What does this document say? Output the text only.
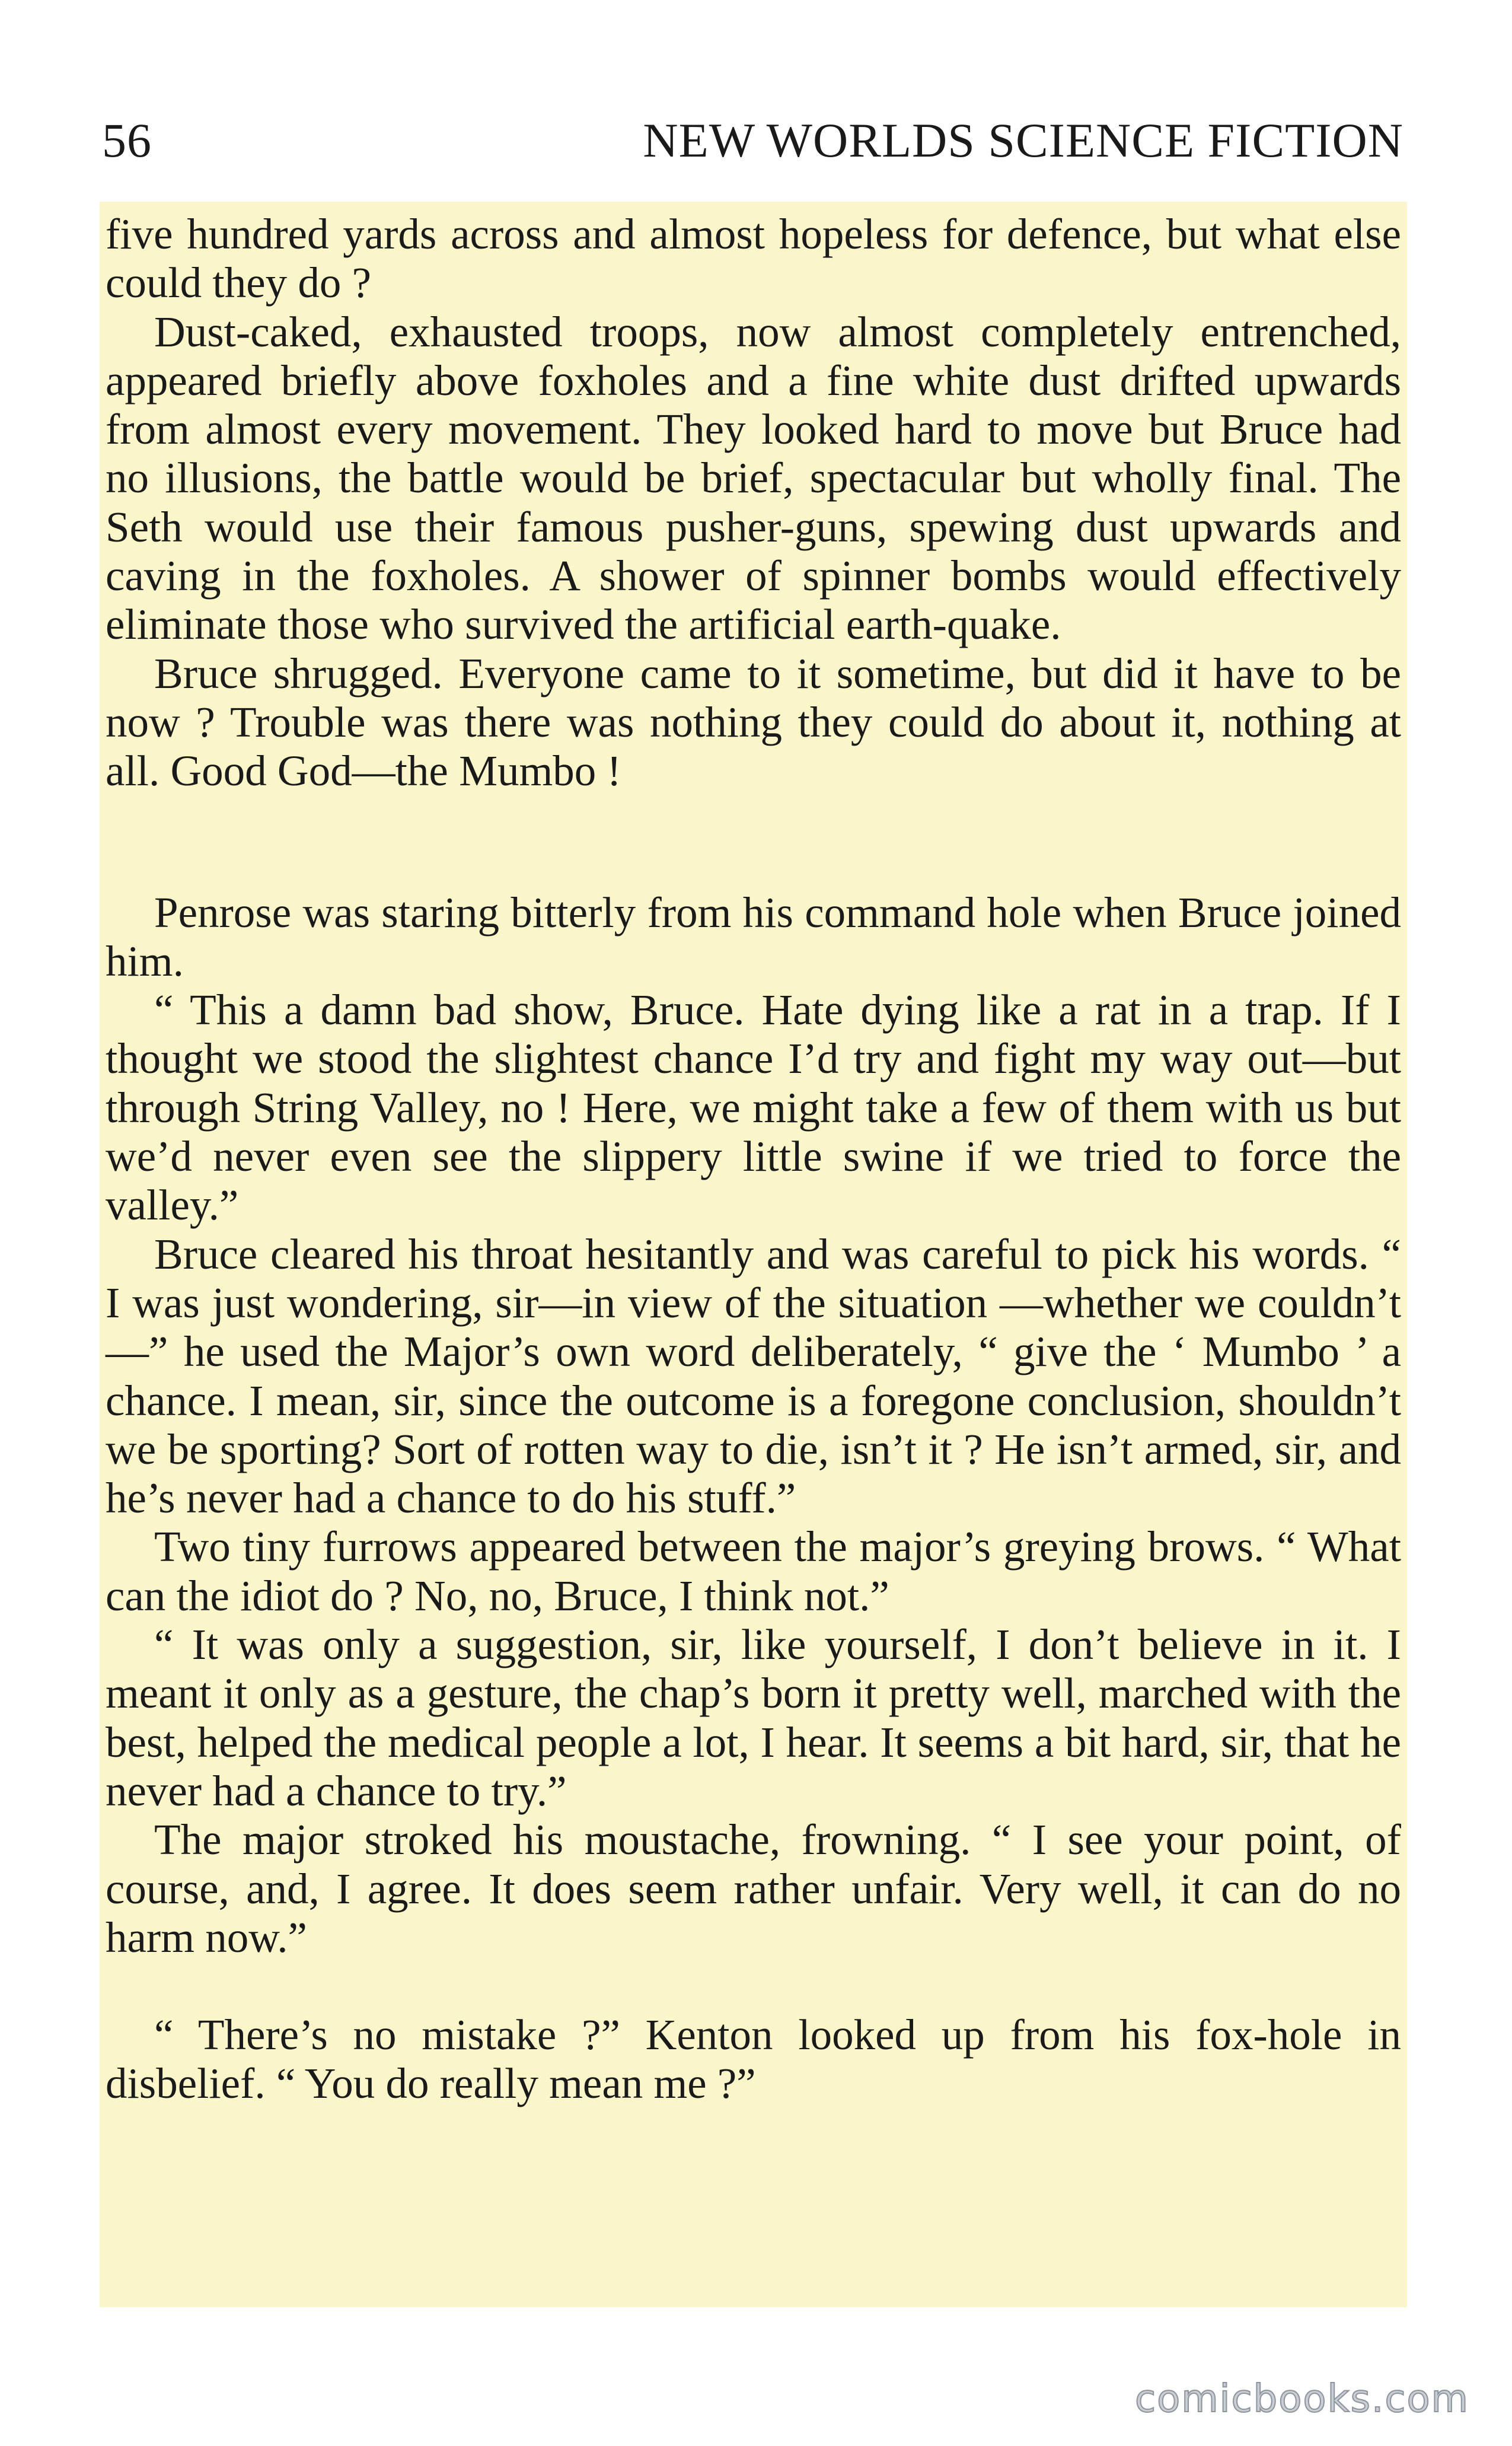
56	NEW WORLDS SCIENCE FICTION

five hundred yards across and almost hopeless for defence, but what else could they do ?

Dust-caked, exhausted troops, now almost completely entrenched, appeared briefly above foxholes and a fine white dust drifted upwards from almost every movement. They looked hard to move but Bruce had no illusions, the battle would be brief, spectacular but wholly final. The Seth would use their famous pusher-guns, spewing dust upwards and caving in the foxholes. A shower of spinner bombs would effectively eliminate those who survived the artificial earth-quake.

Bruce shrugged. Everyone came to it sometime, but did it have to be now ? Trouble was there was nothing they could do about it, nothing at all. Good God—the Mumbo !

Penrose was staring bitterly from his command hole when Bruce joined him.

“ This a damn bad show, Bruce. Hate dying like a rat in a trap. If I thought we stood the slightest chance I’d try and fight my way out—but through String Valley, no ! Here, we might take a few of them with us but we’d never even see the slippery little swine if we tried to force the valley.”

Bruce cleared his throat hesitantly and was careful to pick his words. “ I was just wondering, sir—in view of the situation —whether we couldn’t—” he used the Major’s own word deliberately, “ give the ‘ Mumbo ’ a chance. I mean, sir, since the outcome is a foregone conclusion, shouldn’t we be sporting? Sort of rotten way to die, isn’t it ? He isn’t armed, sir, and he’s never had a chance to do his stuff.”

Two tiny furrows appeared between the major’s greying brows. “ What can the idiot do ? No, no, Bruce, I think not.”

“ It was only a suggestion, sir, like yourself, I don’t believe in it. I meant it only as a gesture, the chap’s born it pretty well, marched with the best, helped the medical people a lot, I hear. It seems a bit hard, sir, that he never had a chance to try.”

The major stroked his moustache, frowning. “ I see your point, of course, and, I agree. It does seem rather unfair. Very well, it can do no harm now.”

“ There’s no mistake ?” Kenton looked up from his fox-hole in disbelief. “ You do really mean me ?”

comicbooks.com
